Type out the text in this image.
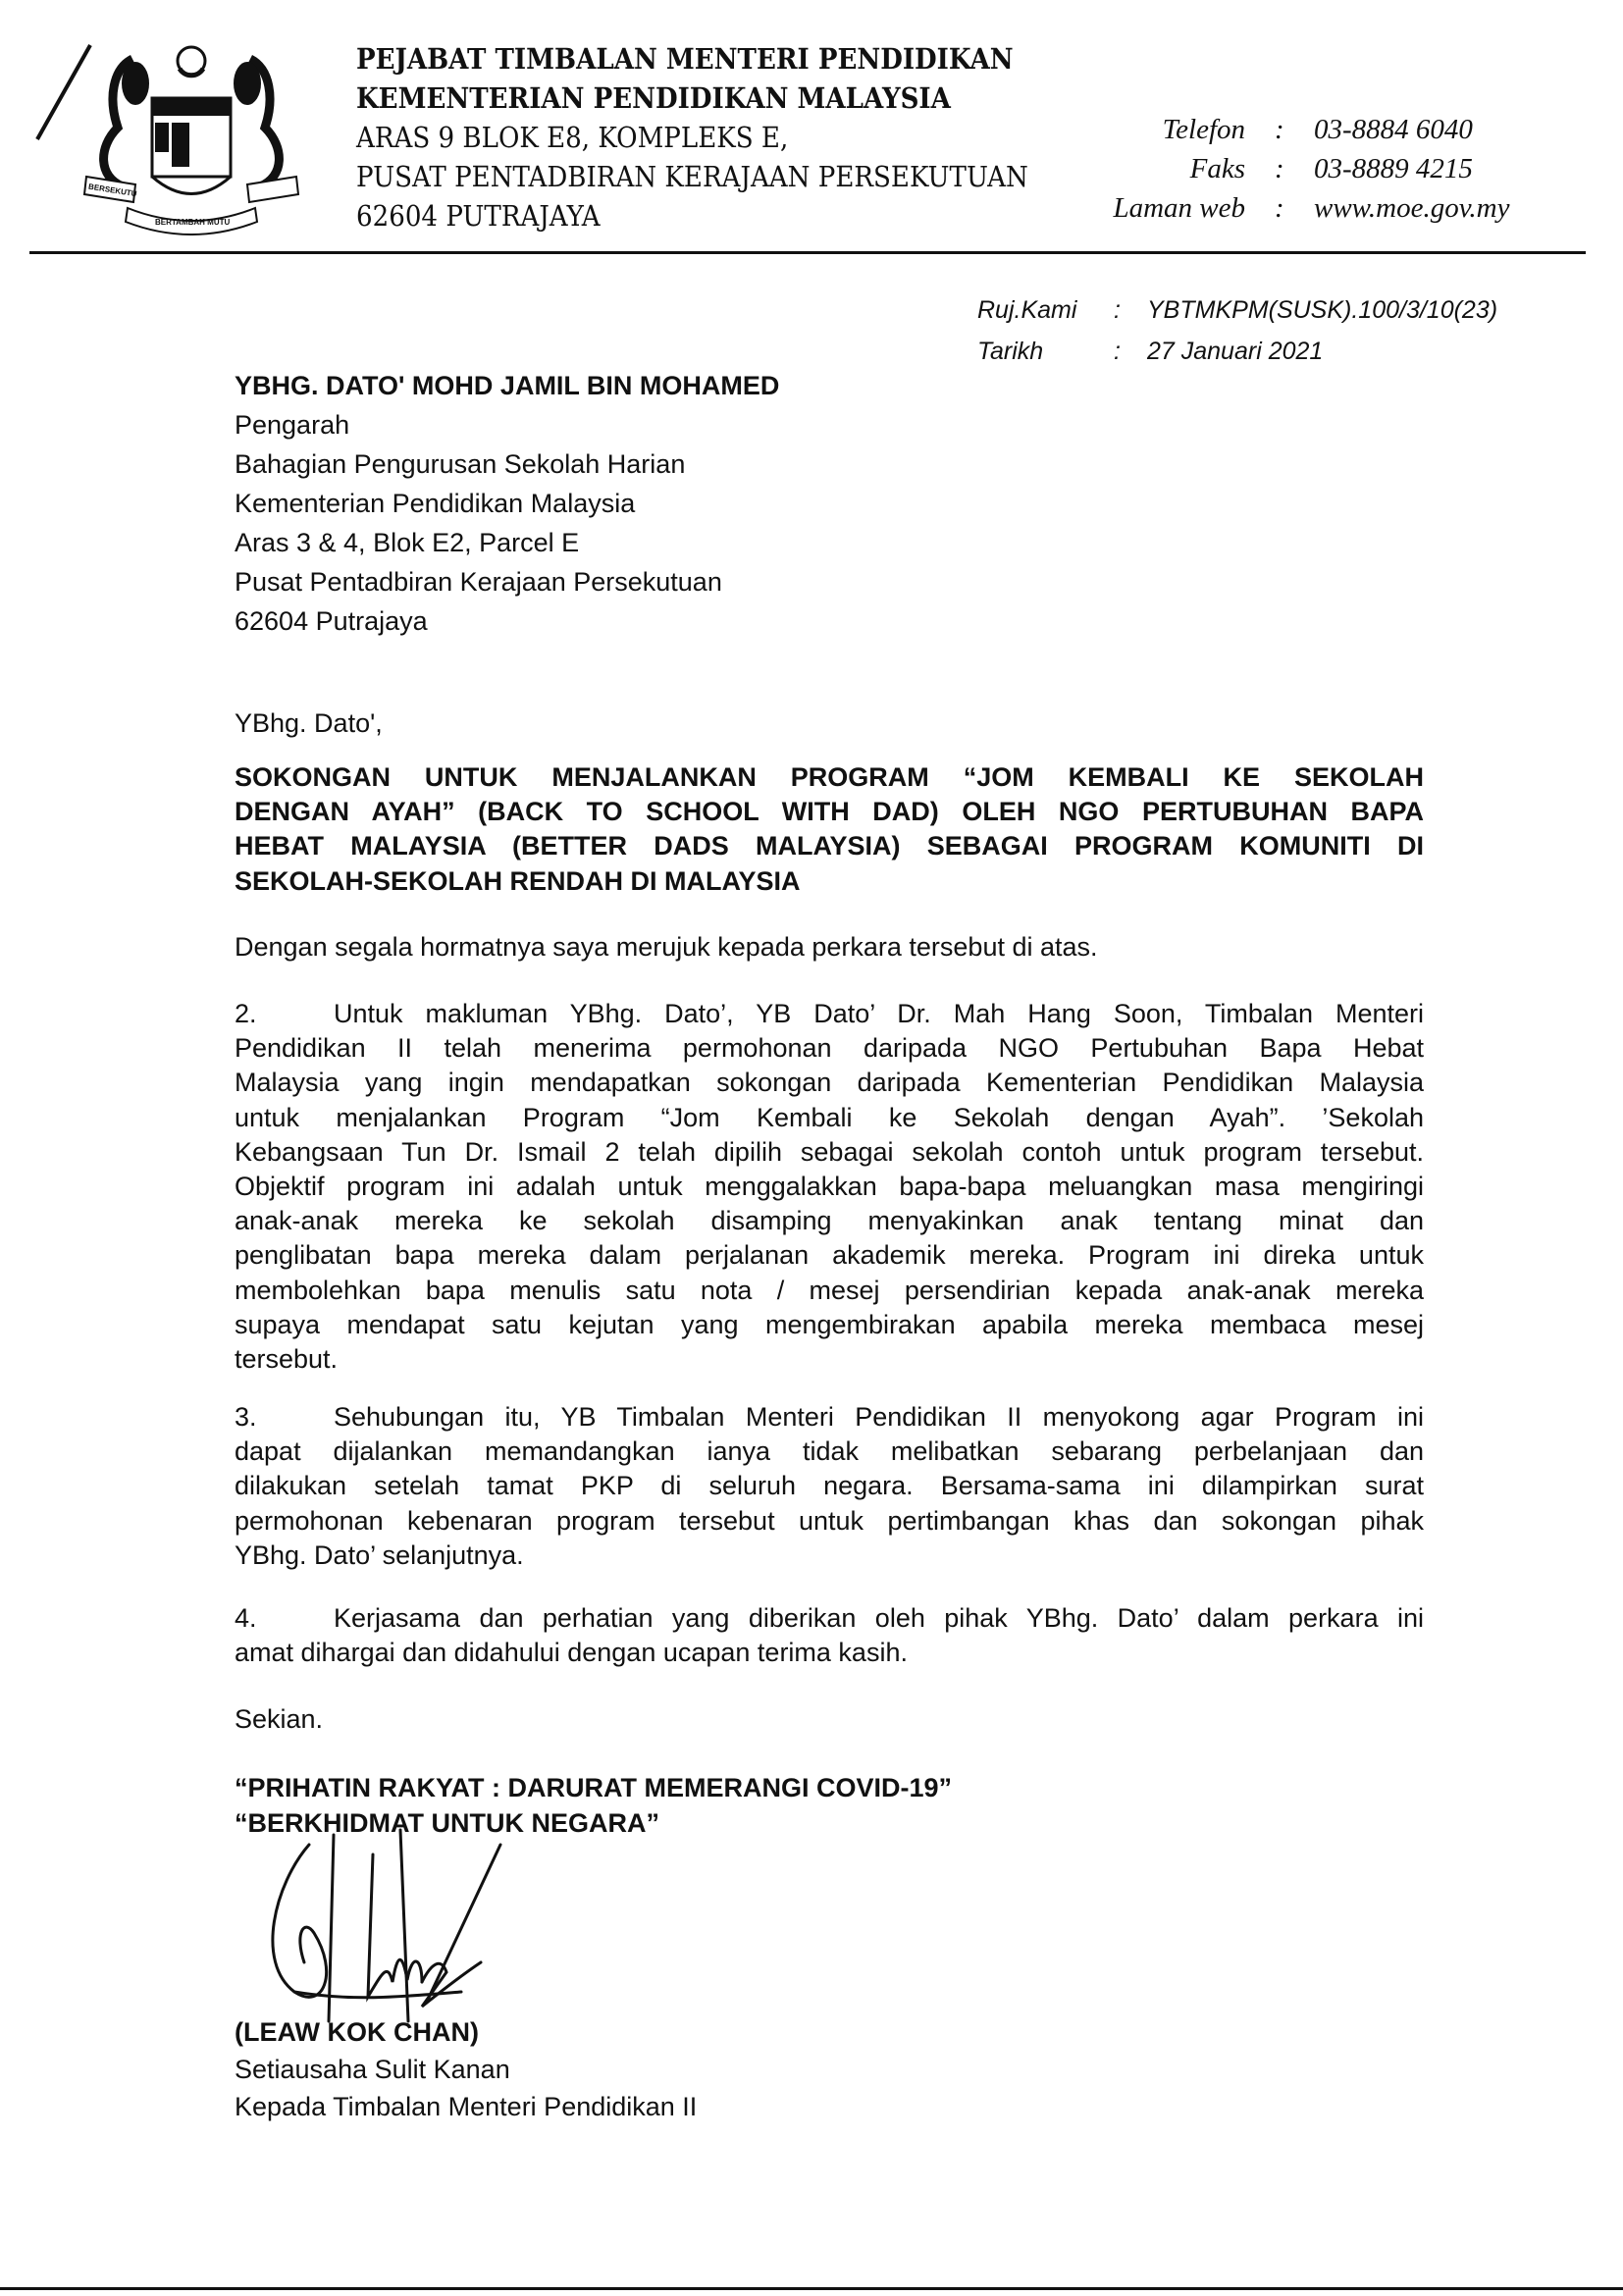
BERSEKUTU
BERTAMBAH MUTU
PEJABAT TIMBALAN MENTERI PENDIDIKAN
KEMENTERIAN PENDIDIKAN MALAYSIA
ARAS 9 BLOK E8, KOMPLEKS E,
PUSAT PENTADBIRAN KERAJAAN PERSEKUTUAN
62604 PUTRAJAYA
Telefon : 03-8884 6040
Faks : 03-8889 4215
Laman web : www.moe.gov.my
Ruj.Kami : YBTMKPM(SUSK).100/3/10(23)
Tarikh	: 27 Januari 2021
YBHG. DATO' MOHD JAMIL BIN MOHAMED
Pengarah
Bahagian Pengurusan Sekolah Harian
Kementerian Pendidikan Malaysia
Aras 3 & 4, Blok E2, Parcel E
Pusat Pentadbiran Kerajaan Persekutuan
62604 Putrajaya
YBhg. Dato',
SOKONGAN UNTUK MENJALANKAN PROGRAM “JOM KEMBALI KE SEKOLAH
DENGAN AYAH” (BACK TO SCHOOL WITH DAD) OLEH NGO PERTUBUHAN BAPA
HEBAT MALAYSIA (BETTER DADS MALAYSIA) SEBAGAI PROGRAM KOMUNITI DI
SEKOLAH-SEKOLAH RENDAH DI MALAYSIA
Dengan segala hormatnya saya merujuk kepada perkara tersebut di atas.
2.	Untuk makluman YBhg. Dato’, YB Dato’ Dr. Mah Hang Soon, Timbalan Menteri
Pendidikan II telah menerima permohonan daripada NGO Pertubuhan Bapa Hebat
Malaysia yang ingin mendapatkan sokongan daripada Kementerian Pendidikan Malaysia
untuk menjalankan Program “Jom Kembali ke Sekolah dengan Ayah”. ’Sekolah
Kebangsaan Tun Dr. Ismail 2 telah dipilih sebagai sekolah contoh untuk program tersebut.
Objektif program ini adalah untuk menggalakkan bapa-bapa meluangkan masa mengiringi
anak-anak mereka ke sekolah disamping menyakinkan anak tentang minat dan
penglibatan bapa mereka dalam perjalanan akademik mereka. Program ini direka untuk
membolehkan bapa menulis satu nota / mesej persendirian kepada anak-anak mereka
supaya mendapat satu kejutan yang mengembirakan apabila mereka membaca mesej
tersebut.
3.	Sehubungan itu, YB Timbalan Menteri Pendidikan II menyokong agar Program ini
dapat dijalankan memandangkan ianya tidak melibatkan sebarang perbelanjaan dan
dilakukan setelah tamat PKP di seluruh negara. Bersama-sama ini dilampirkan surat
permohonan kebenaran program tersebut untuk pertimbangan khas dan sokongan pihak
YBhg. Dato’ selanjutnya.
4.	Kerjasama dan perhatian yang diberikan oleh pihak YBhg. Dato’ dalam perkara ini
amat dihargai dan didahului dengan ucapan terima kasih.
Sekian.
“PRIHATIN RAKYAT : DARURAT MEMERANGI COVID-19”
“BERKHIDMAT UNTUK NEGARA”
(LEAW KOK CHAN)
Setiausaha Sulit Kanan
Kepada Timbalan Menteri Pendidikan II
